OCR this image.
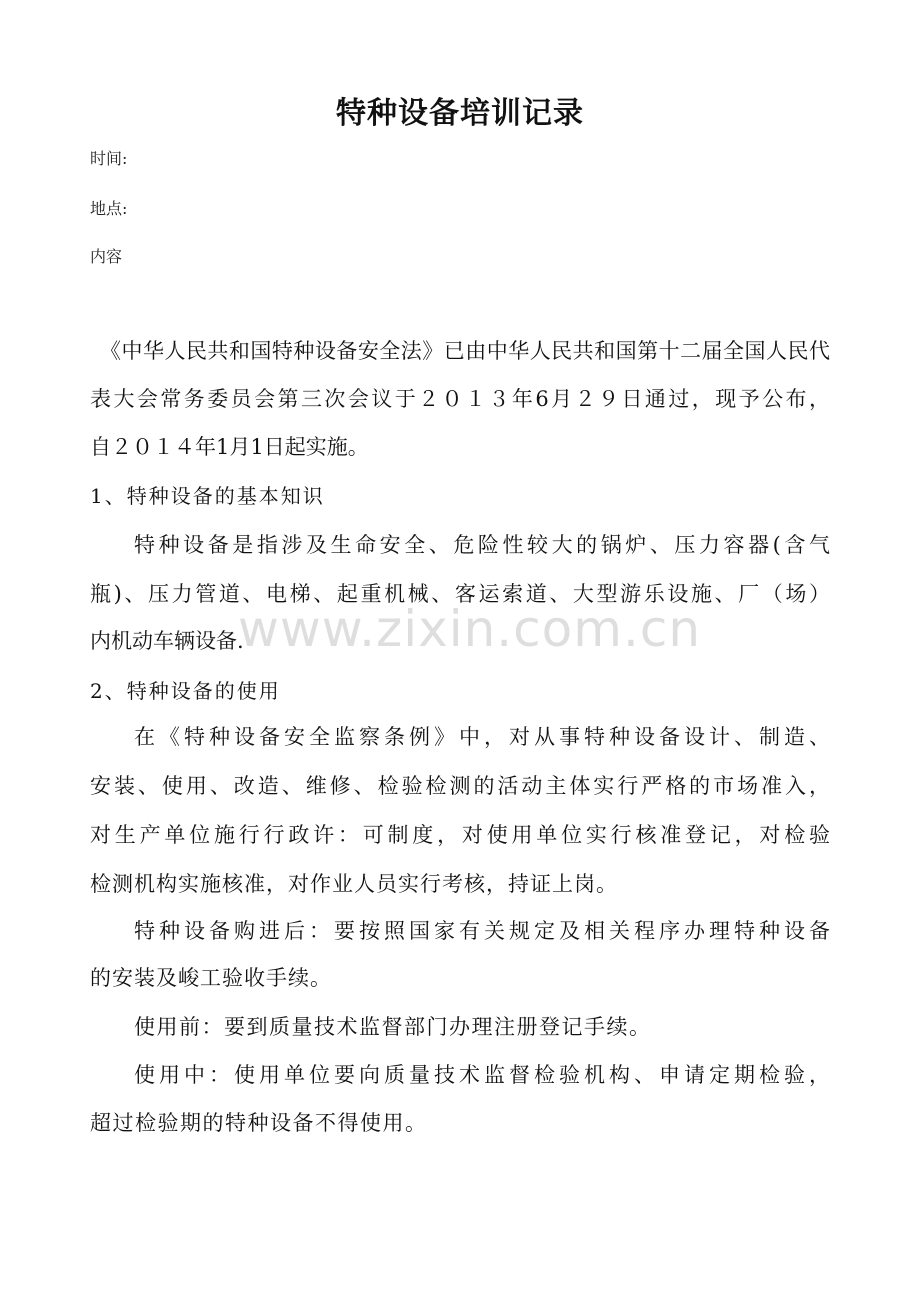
特种设备培训记录
时间:
地点:
内容
《中华人民共和国特种设备安全法》已由中华人民共和国第十二届全国人民代
表大会常务委员会第三次会议于２０１３年6月２９日通过，现予公布，
自２０１４年1月1日起实施。
1、特种设备的基本知识
特种设备是指涉及生命安全、危险性较大的锅炉、压力容器(含气
瓶)、压力管道、电梯、起重机械、客运索道、大型游乐设施、厂（场）
内机动车辆设备.
2、特种设备的使用
在《特种设备安全监察条例》中，对从事特种设备设计、制造、
安装、使用、改造、维修、检验检测的活动主体实行严格的市场准入，
对生产单位施行行政许：可制度，对使用单位实行核准登记，对检验
检测机构实施核准，对作业人员实行考核，持证上岗。
特种设备购进后：要按照国家有关规定及相关程序办理特种设备
的安装及峻工验收手续。
使用前：要到质量技术监督部门办理注册登记手续。
使用中：使用单位要向质量技术监督检验机构、申请定期检验，
超过检验期的特种设备不得使用。
www.zixin.com.cn
